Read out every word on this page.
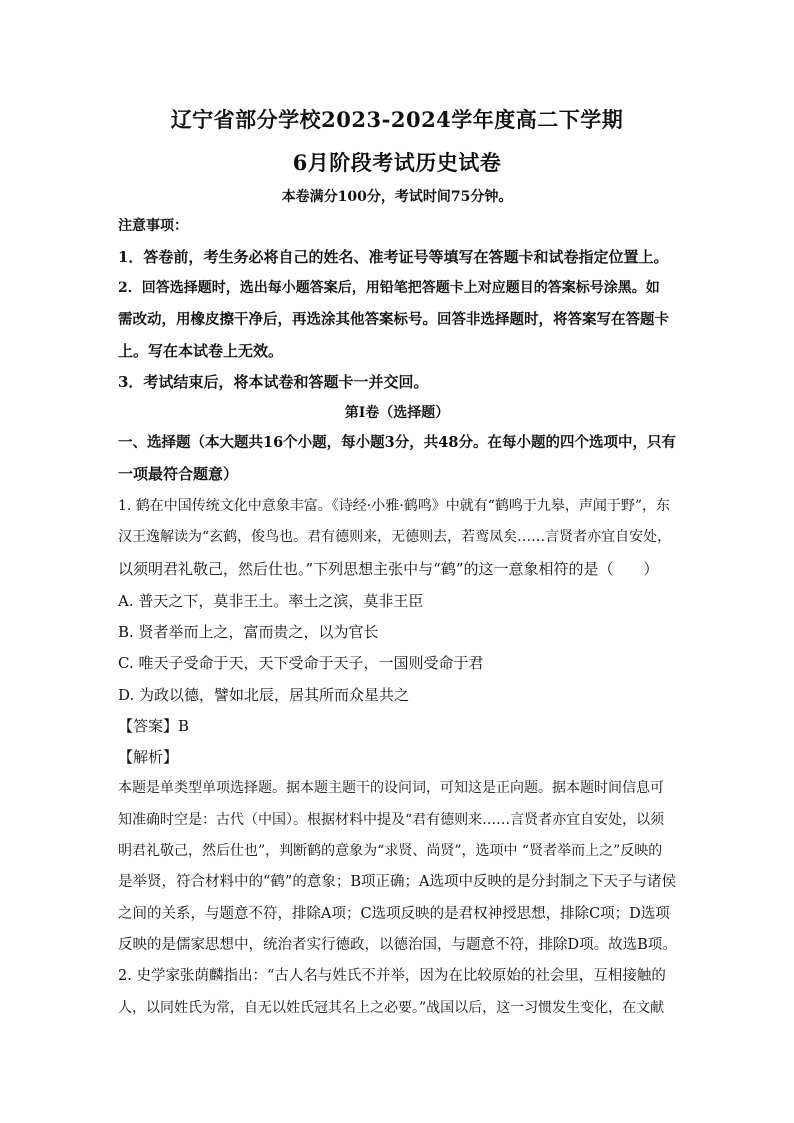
辽宁省部分学校2023-2024学年度高二下学期
6月阶段考试历史试卷
本卷满分100分，考试时间75分钟。
注意事项：
1．答卷前，考生务必将自己的姓名、准考证号等填写在答题卡和试卷指定位置上。
2．回答选择题时，选出每小题答案后，用铅笔把答题卡上对应题目的答案标号涂黑。如
需改动，用橡皮擦干净后，再选涂其他答案标号。回答非选择题时，将答案写在答题卡
上。写在本试卷上无效。
3．考试结束后，将本试卷和答题卡一并交回。
第Ⅰ卷（选择题）
一、选择题（本大题共16个小题，每小题3分，共48分。在每小题的四个选项中，只有
一项最符合题意）
1. 鹤在中国传统文化中意象丰富。《诗经·小雅·鹤鸣》中就有“鹤鸣于九皋，声闻于野”，东
汉王逸解读为“玄鹤，俊鸟也。君有德则来，无德则去，若鸾凤矣……言贤者亦宜自安处，
以须明君礼敬己，然后仕也。”下列思想主张中与“鹤”的这一意象相符的是（　　）
A. 普天之下，莫非王土。率土之滨，莫非王臣
B. 贤者举而上之，富而贵之，以为官长
C. 唯天子受命于天，天下受命于天子，一国则受命于君
D. 为政以德，譬如北辰，居其所而众星共之
【答案】B
【解析】
本题是单类型单项选择题。据本题主题干的设问词，可知这是正向题。据本题时间信息可
知准确时空是：古代（中国）。根据材料中提及“君有德则来……言贤者亦宜自安处，以须
明君礼敬己，然后仕也”，判断鹤的意象为“求贤、尚贤”，选项中 “贤者举而上之”反映的
是举贤，符合材料中的“鹤”的意象；B项正确；A选项中反映的是分封制之下天子与诸侯
之间的关系，与题意不符，排除A项；C选项反映的是君权神授思想，排除C项；D选项
反映的是儒家思想中，统治者实行德政，以德治国，与题意不符，排除D项。故选B项。
2. 史学家张荫麟指出：“古人名与姓氏不并举，因为在比较原始的社会里，互相接触的
人，以同姓氏为常，自无以姓氏冠其名上之必要。”战国以后，这一习惯发生变化，在文献
